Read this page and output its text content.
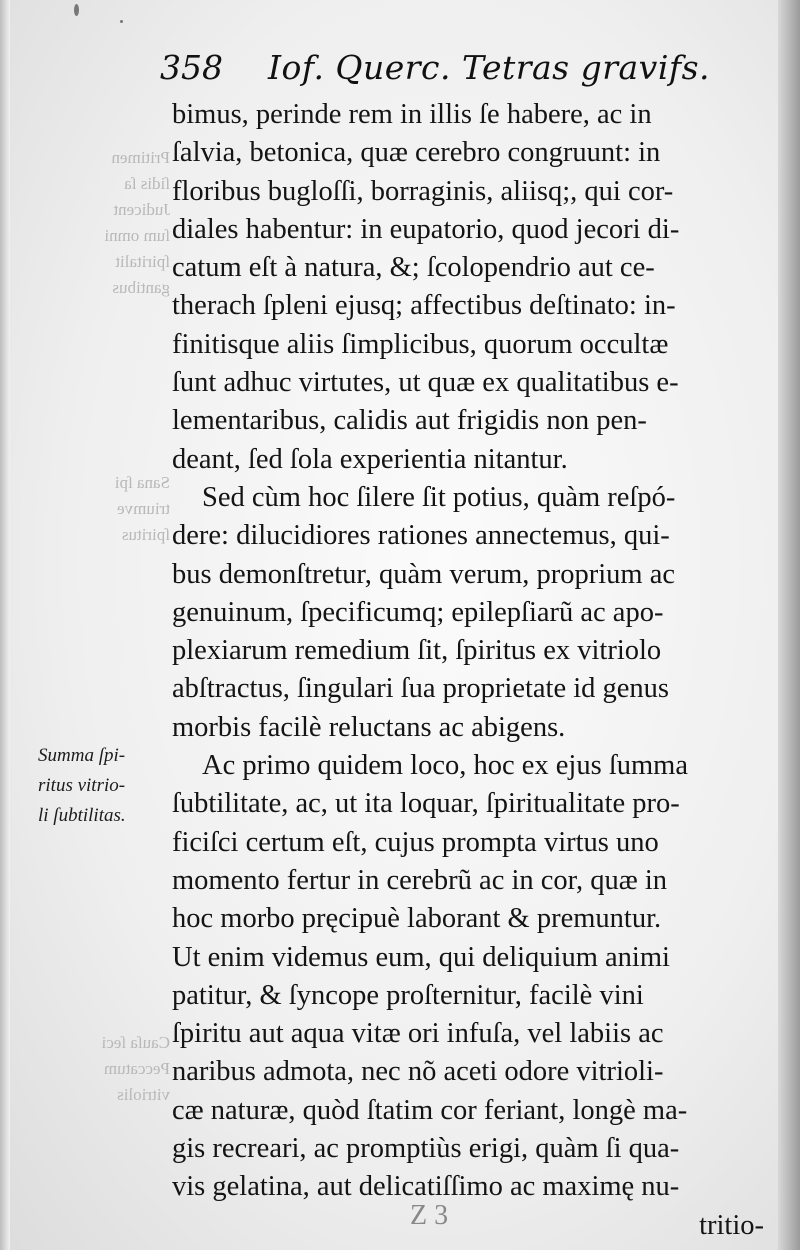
Pritimen
ſidis ſa
Judicent
ſum omni
ſpiritalit
gantibus
Sana ſpi
triumve
ſpiritus
Cauſa ſeci
Peccatum
vitriolis
358 Iof. Querc. Tetras gravifs.
Summa ſpi-
ritus vitrio-
li ſubtilitas.
bimus, perinde rem in illis ſe habere, ac in
ſalvia, betonica, quæ cerebro congruunt: in
floribus bugloſſi, borraginis, aliisq;, qui cor-
diales habentur: in eupatorio, quod jecori di-
catum eſt à natura, &; ſcolopendrio aut ce-
therach ſpleni ejusq; affectibus deſtinato: in-
finitisque aliis ſimplicibus, quorum occultæ
ſunt adhuc virtutes, ut quæ ex qualitatibus e-
lementaribus, calidis aut frigidis non pen-
deant, ſed ſola experientia nitantur.
Sed cùm hoc ſilere ſit potius, quàm reſpó-
dere: dilucidiores rationes annectemus, qui-
bus demonſtretur, quàm verum, proprium ac
genuinum, ſpecificumq; epilepſiarũ ac apo-
plexiarum remedium ſit, ſpiritus ex vitriolo
abſtractus, ſingulari ſua proprietate id genus
morbis facilè reluctans ac abigens.
Ac primo quidem loco, hoc ex ejus ſumma
ſubtilitate, ac, ut ita loquar, ſpiritualitate pro-
ficiſci certum eſt, cujus prompta virtus uno
momento fertur in cerebrũ ac in cor, quæ in
hoc morbo pręcipuè laborant & premuntur.
Ut enim videmus eum, qui deliquium animi
patitur, & ſyncope proſternitur, facilè vini
ſpiritu aut aqua vitæ ori infuſa, vel labiis ac
naribus admota, nec nõ aceti odore vitrioli-
cæ naturæ, quòd ſtatim cor feriant, longè ma-
gis recreari, ac promptiùs erigi, quàm ſi qua-
vis gelatina, aut delicatiſſimo ac maximę nu-
tritio-
Z 3
